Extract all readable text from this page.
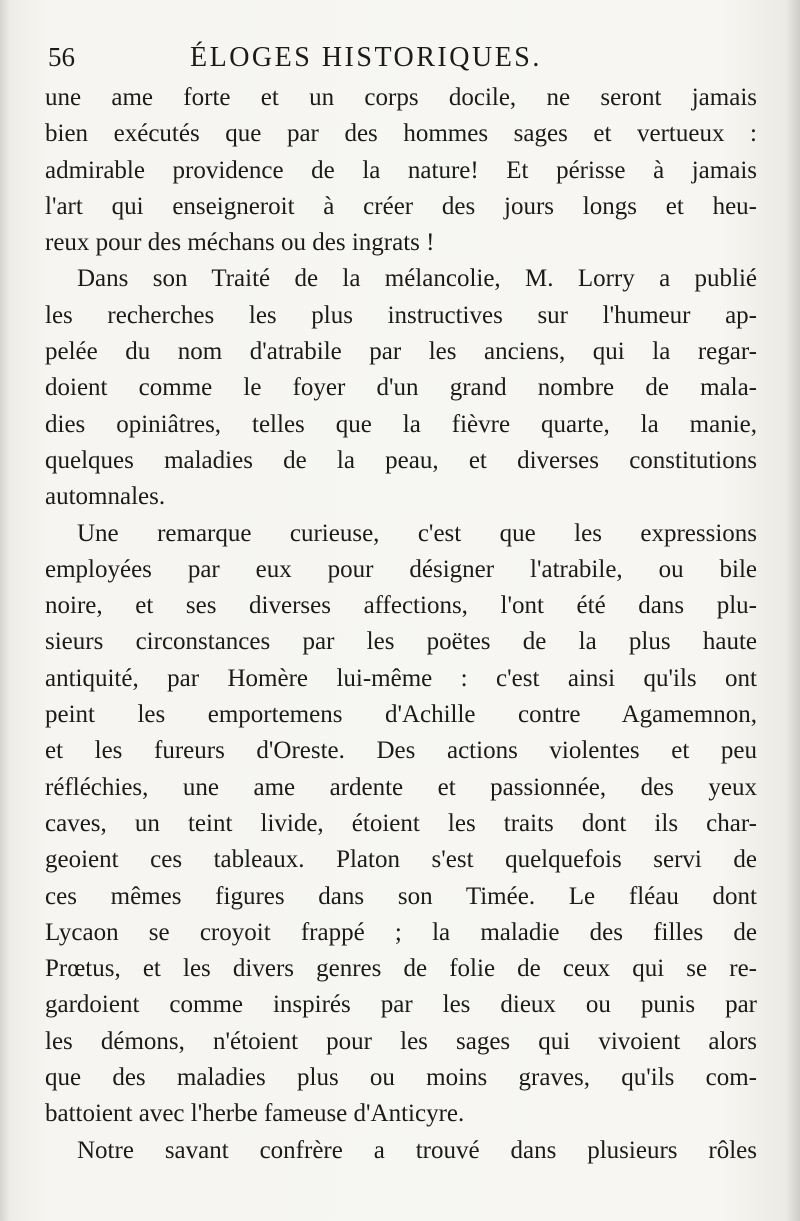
56	ÉLOGES HISTORIQUES.
une ame forte et un corps docile, ne seront jamais
bien exécutés que par des hommes sages et vertueux :
admirable providence de la nature! Et périsse à jamais
l'art qui enseigneroit à créer des jours longs et heu-
reux pour des méchans ou des ingrats !
Dans son Traité de la mélancolie, M. Lorry a publié
les recherches les plus instructives sur l'humeur ap-
pelée du nom d'atrabile par les anciens, qui la regar-
doient comme le foyer d'un grand nombre de mala-
dies opiniâtres, telles que la fièvre quarte, la manie,
quelques maladies de la peau, et diverses constitutions
automnales.
Une remarque curieuse, c'est que les expressions
employées par eux pour désigner l'atrabile, ou bile
noire, et ses diverses affections, l'ont été dans plu-
sieurs circonstances par les poëtes de la plus haute
antiquité, par Homère lui-même : c'est ainsi qu'ils ont
peint les emportemens d'Achille contre Agamemnon,
et les fureurs d'Oreste. Des actions violentes et peu
réfléchies, une ame ardente et passionnée, des yeux
caves, un teint livide, étoient les traits dont ils char-
geoient ces tableaux. Platon s'est quelquefois servi de
ces mêmes figures dans son Timée. Le fléau dont
Lycaon se croyoit frappé ; la maladie des filles de
Prœtus, et les divers genres de folie de ceux qui se re-
gardoient comme inspirés par les dieux ou punis par
les démons, n'étoient pour les sages qui vivoient alors
que des maladies plus ou moins graves, qu'ils com-
battoient avec l'herbe fameuse d'Anticyre.
Notre savant confrère a trouvé dans plusieurs rôles
